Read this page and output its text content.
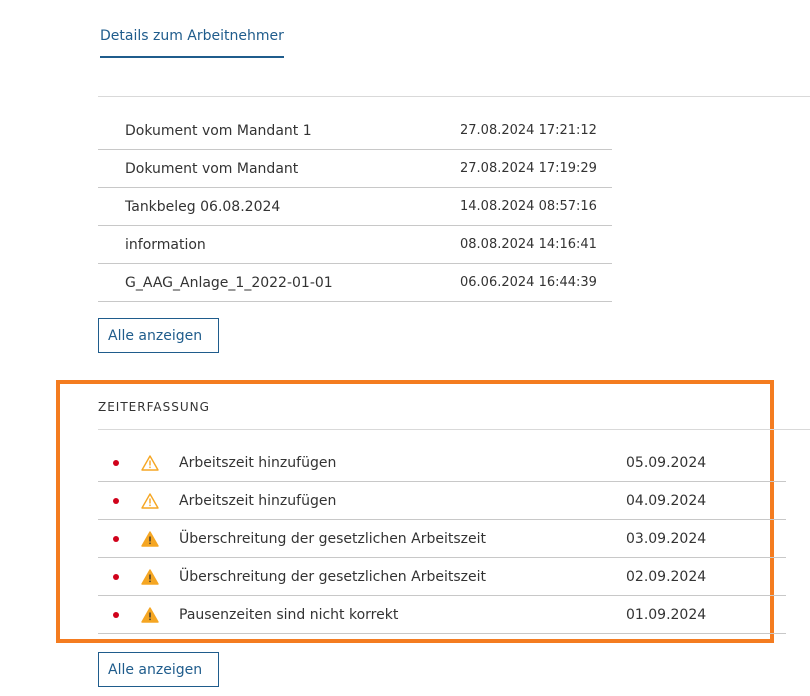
Details zum Arbeitnehmer
Dokument vom Mandant 1	27.08.2024 17:21:12
Dokument vom Mandant	27.08.2024 17:19:29
Tankbeleg 06.08.2024	14.08.2024 08:57:16
information	08.08.2024 14:16:41
G_AAG_Anlage_1_2022-01-01	06.06.2024 16:44:39
Alle anzeigen
ZEITERFASSUNG
Arbeitszeit hinzufügen	05.09.2024
Arbeitszeit hinzufügen	04.09.2024
Überschreitung der gesetzlichen Arbeitszeit	03.09.2024
Überschreitung der gesetzlichen Arbeitszeit	02.09.2024
Pausenzeiten sind nicht korrekt	01.09.2024
Alle anzeigen
